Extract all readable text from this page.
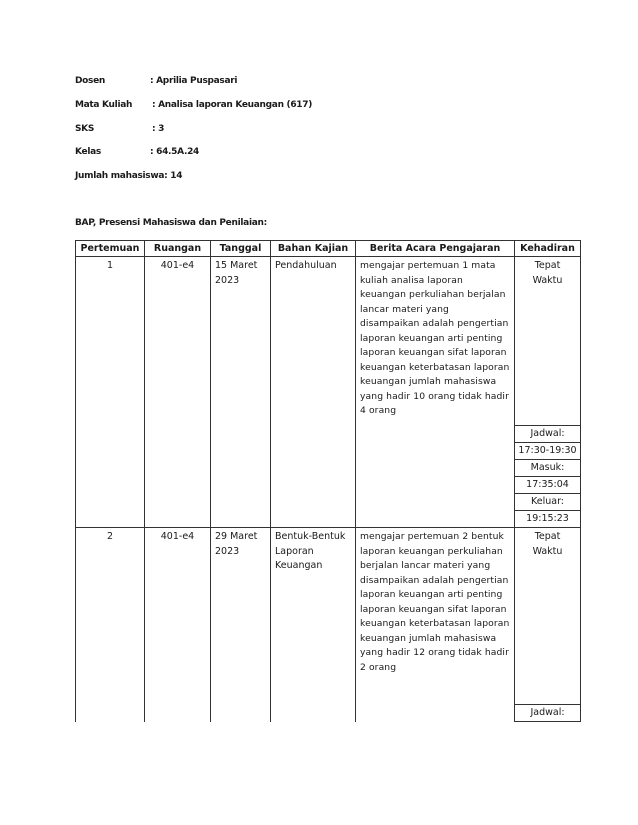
Dosen	: Aprilia Puspasari
Mata Kuliah : Analisa laporan Keuangan (617)
SKS	: 3
Kelas	: 64.5A.24
Jumlah mahasiswa: 14
BAP, Presensi Mahasiswa dan Penilaian:
Pertemuan	Ruangan	Tanggal	Bahan Kajian	Berita Acara Pengajaran	Kehadiran
1	401-e4	15 Maret 2023	Pendahuluan	mengajar pertemuan 1 mata kuliah analisa laporan keuangan perkuliahan berjalan lancar materi yang disampaikan adalah pengertian laporan keuangan arti penting laporan keuangan sifat laporan keuangan keterbatasan laporan keuangan jumlah mahasiswa yang hadir 10 orang tidak hadir 4 orang	Tepat Waktu
					Jadwal:
					17:30-19:30
					Masuk:
					17:35:04
					Keluar:
					19:15:23
2	401-e4	29 Maret 2023	Bentuk-Bentuk Laporan Keuangan	mengajar pertemuan 2 bentuk laporan keuangan perkuliahan berjalan lancar materi yang disampaikan adalah pengertian laporan keuangan arti penting laporan keuangan sifat laporan keuangan keterbatasan laporan keuangan jumlah mahasiswa yang hadir 12 orang tidak hadir 2 orang	Tepat Waktu
					Jadwal:
